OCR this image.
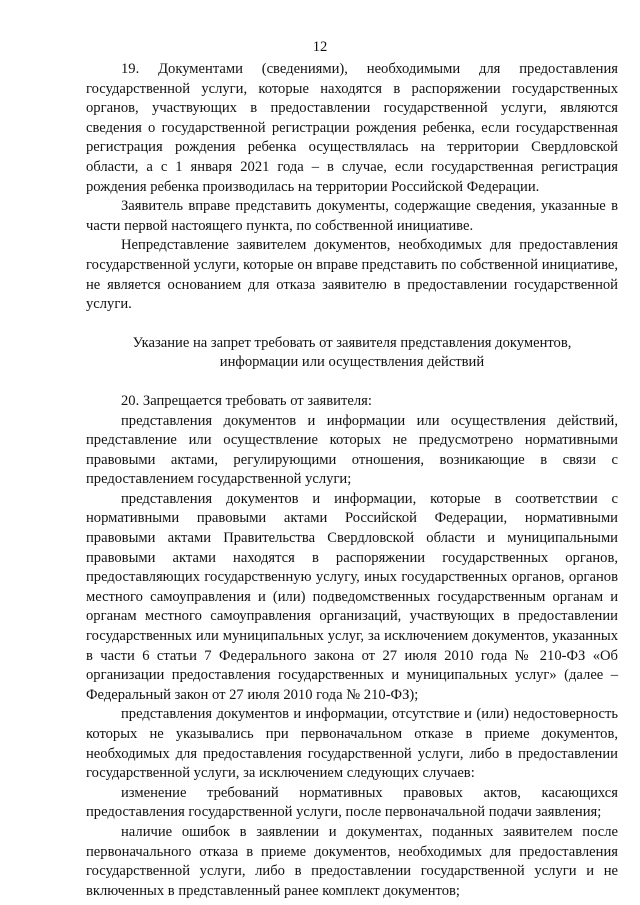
12

19. Документами (сведениями), необходимыми для предоставления государственной услуги, которые находятся в распоряжении государственных органов, участвующих в предоставлении государственной услуги, являются сведения о государственной регистрации рождения ребенка, если государственная регистрация рождения ребенка осуществлялась на территории Свердловской области, а с 1 января 2021 года – в случае, если государственная регистрация рождения ребенка производилась на территории Российской Федерации.

Заявитель вправе представить документы, содержащие сведения, указанные в части первой настоящего пункта, по собственной инициативе.

Непредставление заявителем документов, необходимых для предоставления государственной услуги, которые он вправе представить по собственной инициативе, не является основанием для отказа заявителю в предоставлении государственной услуги.

Указание на запрет требовать от заявителя представления документов, информации или осуществления действий

20. Запрещается требовать от заявителя:

представления документов и информации или осуществления действий, представление или осуществление которых не предусмотрено нормативными правовыми актами, регулирующими отношения, возникающие в связи с предоставлением государственной услуги;

представления документов и информации, которые в соответствии с нормативными правовыми актами Российской Федерации, нормативными правовыми актами Правительства Свердловской области и муниципальными правовыми актами находятся в распоряжении государственных органов, предоставляющих государственную услугу, иных государственных органов, органов местного самоуправления и (или) подведомственных государственным органам и органам местного самоуправления организаций, участвующих в предоставлении государственных или муниципальных услуг, за исключением документов, указанных в части 6 статьи 7 Федерального закона от 27 июля 2010 года № 210-ФЗ «Об организации предоставления государственных и муниципальных услуг» (далее – Федеральный закон от 27 июля 2010 года № 210-ФЗ);

представления документов и информации, отсутствие и (или) недостоверность которых не указывались при первоначальном отказе в приеме документов, необходимых для предоставления государственной услуги, либо в предоставлении государственной услуги, за исключением следующих случаев:

изменение требований нормативных правовых актов, касающихся предоставления государственной услуги, после первоначальной подачи заявления;

наличие ошибок в заявлении и документах, поданных заявителем после первоначального отказа в приеме документов, необходимых для предоставления государственной услуги, либо в предоставлении государственной услуги и не включенных в представленный ранее комплект документов;
